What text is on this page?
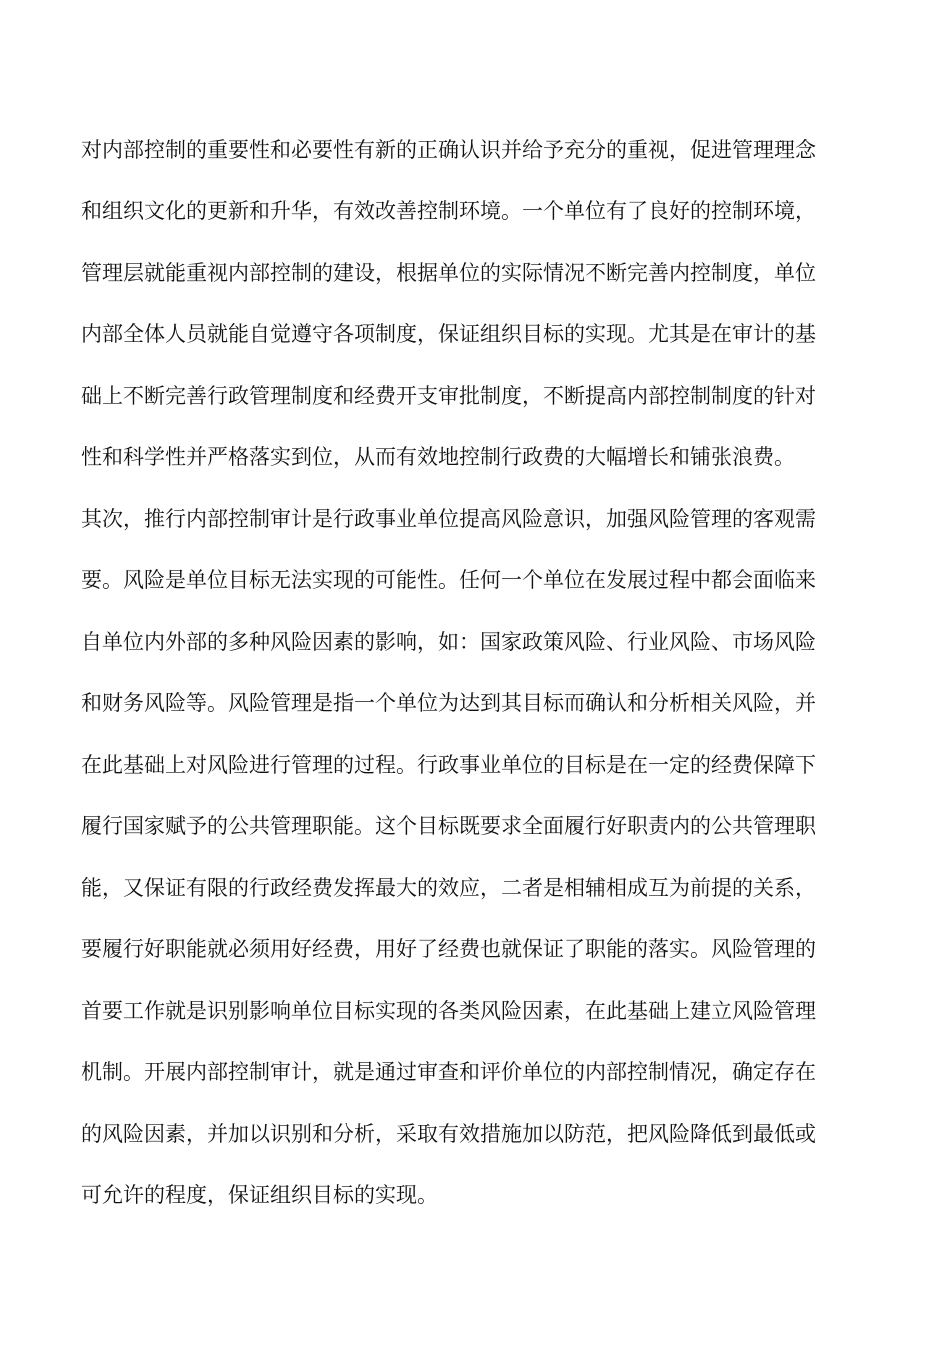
对内部控制的重要性和必要性有新的正确认识并给予充分的重视，促进管理理念
和组织文化的更新和升华，有效改善控制环境。一个单位有了良好的控制环境，
管理层就能重视内部控制的建设，根据单位的实际情况不断完善内控制度，单位
内部全体人员就能自觉遵守各项制度，保证组织目标的实现。尤其是在审计的基
础上不断完善行政管理制度和经费开支审批制度，不断提高内部控制制度的针对
性和科学性并严格落实到位，从而有效地控制行政费的大幅增长和铺张浪费。
其次，推行内部控制审计是行政事业单位提高风险意识，加强风险管理的客观需
要。风险是单位目标无法实现的可能性。任何一个单位在发展过程中都会面临来
自单位内外部的多种风险因素的影响，如：国家政策风险、行业风险、市场风险
和财务风险等。风险管理是指一个单位为达到其目标而确认和分析相关风险，并
在此基础上对风险进行管理的过程。行政事业单位的目标是在一定的经费保障下
履行国家赋予的公共管理职能。这个目标既要求全面履行好职责内的公共管理职
能，又保证有限的行政经费发挥最大的效应，二者是相辅相成互为前提的关系，
要履行好职能就必须用好经费，用好了经费也就保证了职能的落实。风险管理的
首要工作就是识别影响单位目标实现的各类风险因素，在此基础上建立风险管理
机制。开展内部控制审计，就是通过审查和评价单位的内部控制情况，确定存在
的风险因素，并加以识别和分析，采取有效措施加以防范，把风险降低到最低或
可允许的程度，保证组织目标的实现。
